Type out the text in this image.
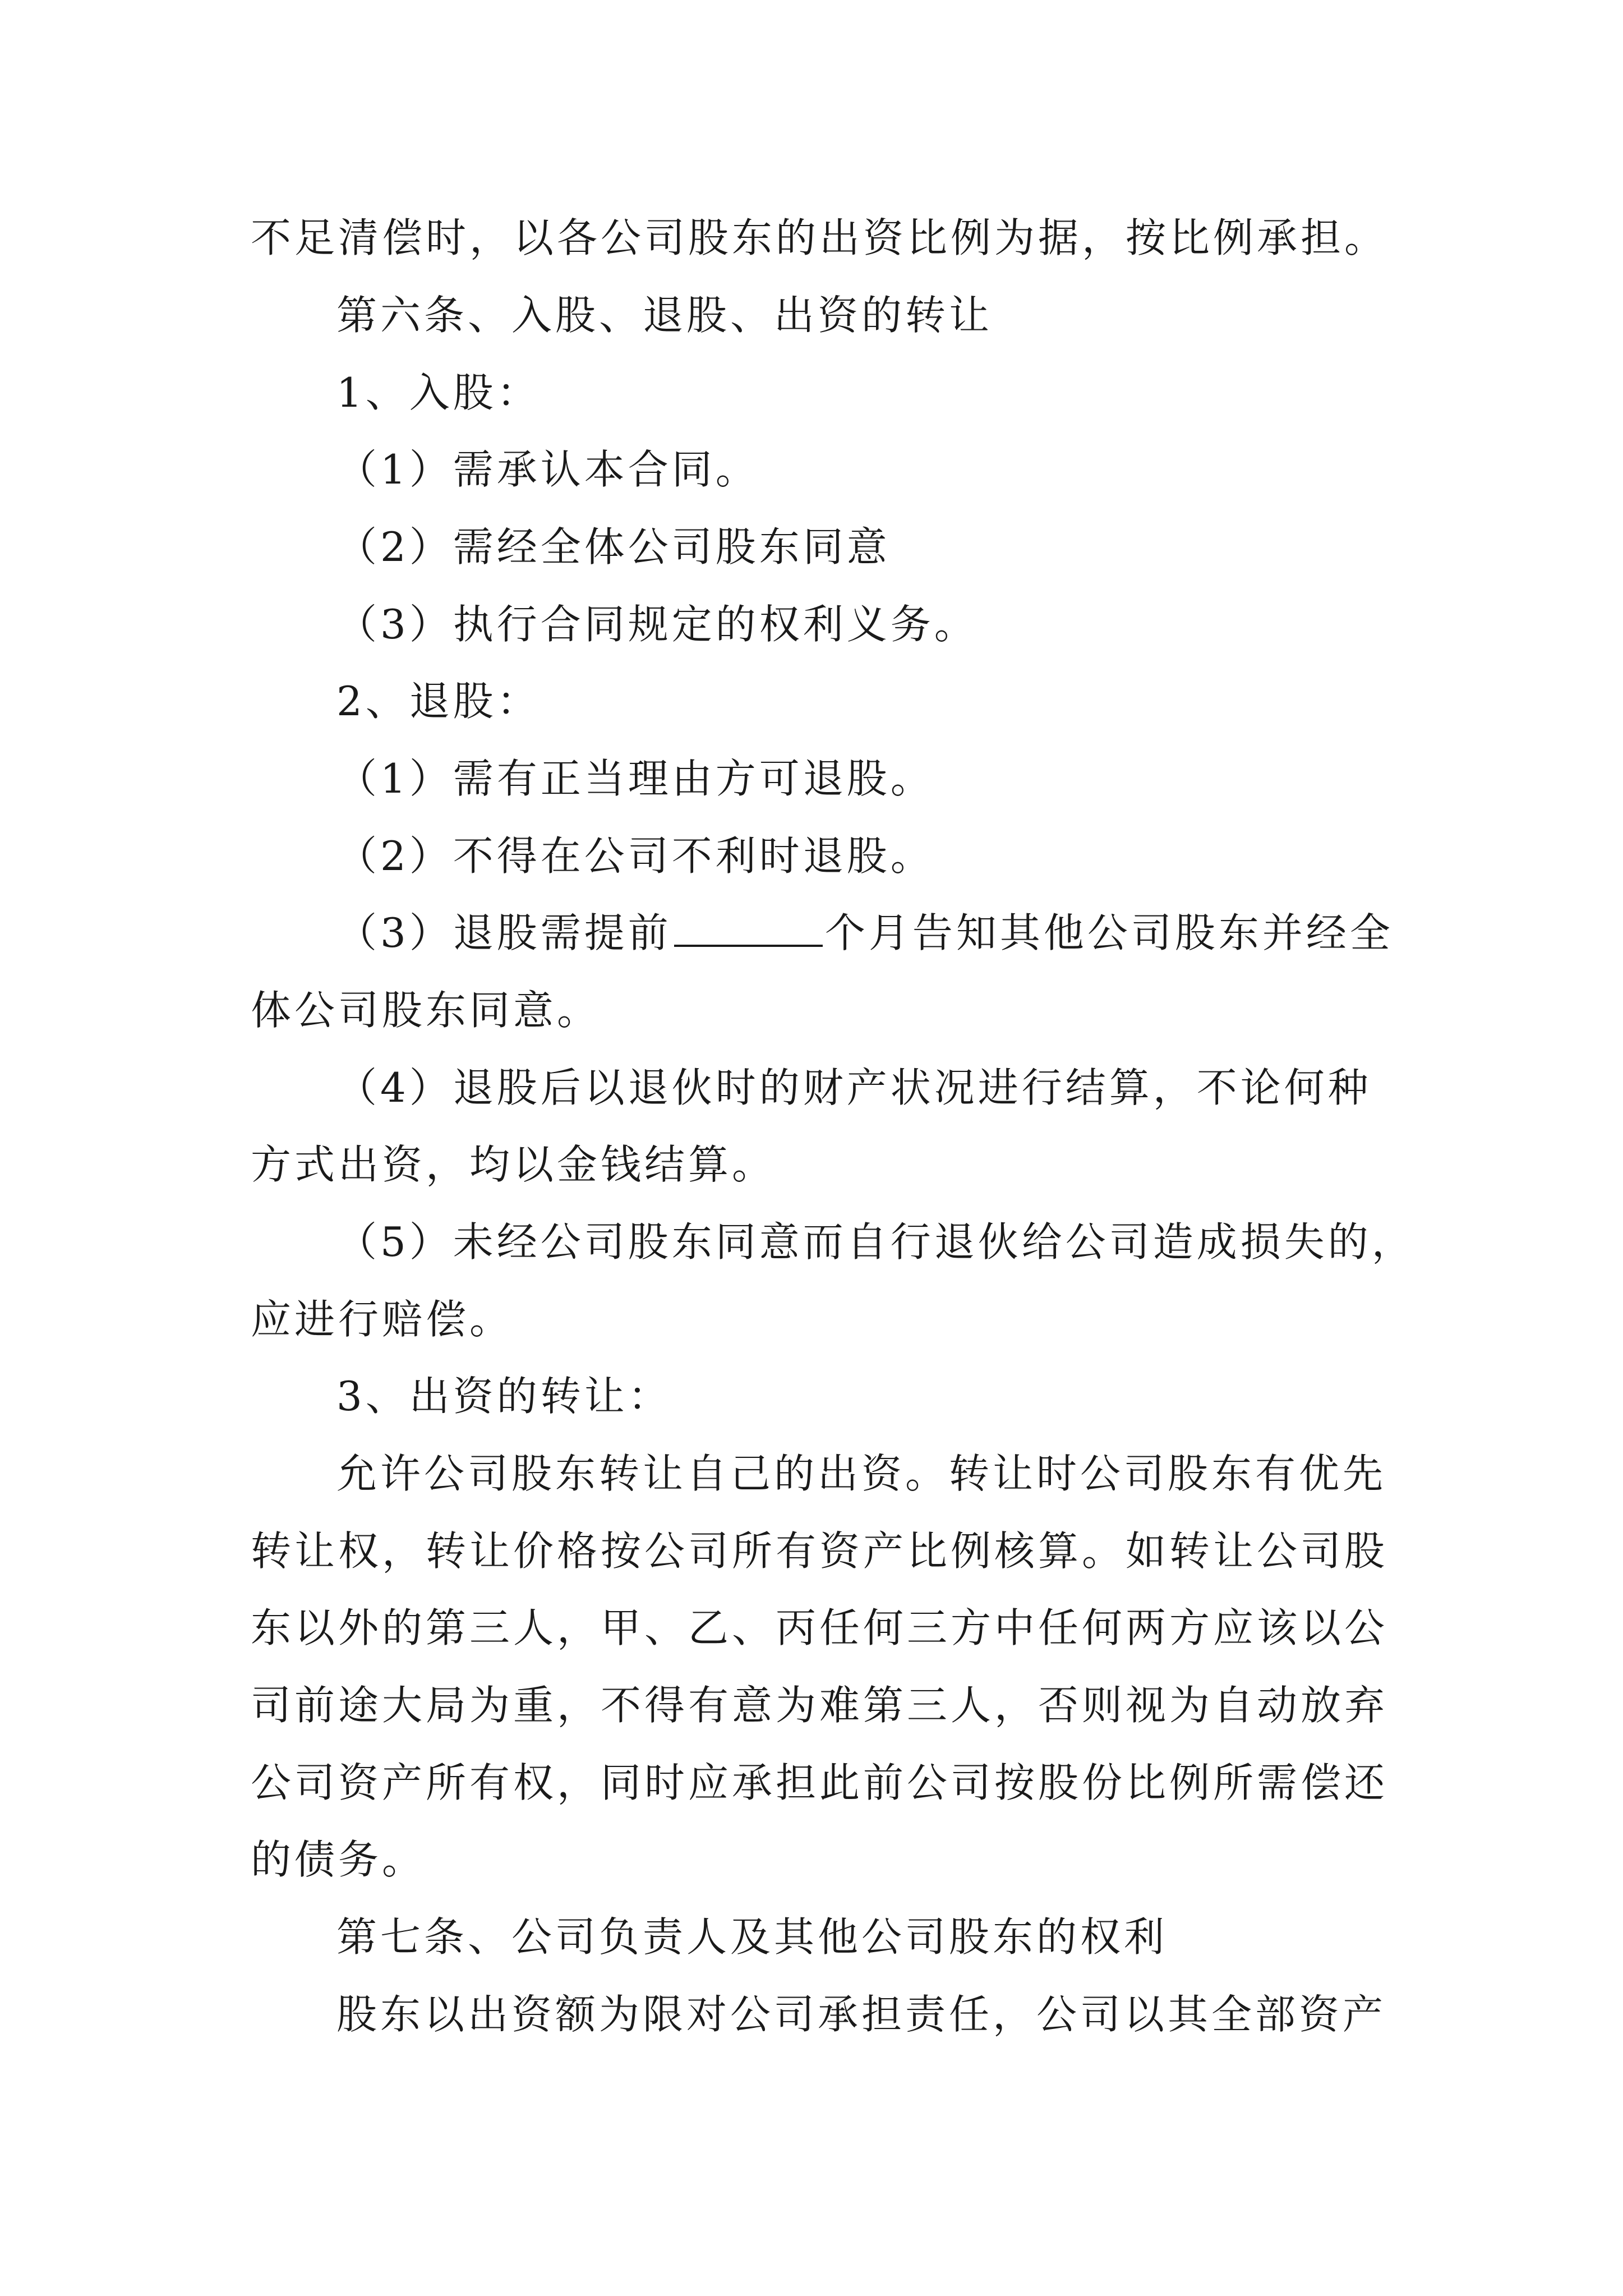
不足清偿时，以各公司股东的出资比例为据，按比例承担。
第六条、入股、退股、出资的转让
1、入股：
（1）需承认本合同。
（2）需经全体公司股东同意
（3）执行合同规定的权利义务。
2、退股：
（1）需有正当理由方可退股。
（2）不得在公司不利时退股。
（3）退股需提前	个月告知其他公司股东并经全
体公司股东同意。
（4）退股后以退伙时的财产状况进行结算，不论何种
方式出资，均以金钱结算。
（5）未经公司股东同意而自行退伙给公司造成损失的，
应进行赔偿。
3、出资的转让：
允许公司股东转让自己的出资。转让时公司股东有优先
转让权，转让价格按公司所有资产比例核算。如转让公司股
东以外的第三人，甲、乙、丙任何三方中任何两方应该以公
司前途大局为重，不得有意为难第三人，否则视为自动放弃
公司资产所有权，同时应承担此前公司按股份比例所需偿还
的债务。
第七条、公司负责人及其他公司股东的权利
股东以出资额为限对公司承担责任，公司以其全部资产
